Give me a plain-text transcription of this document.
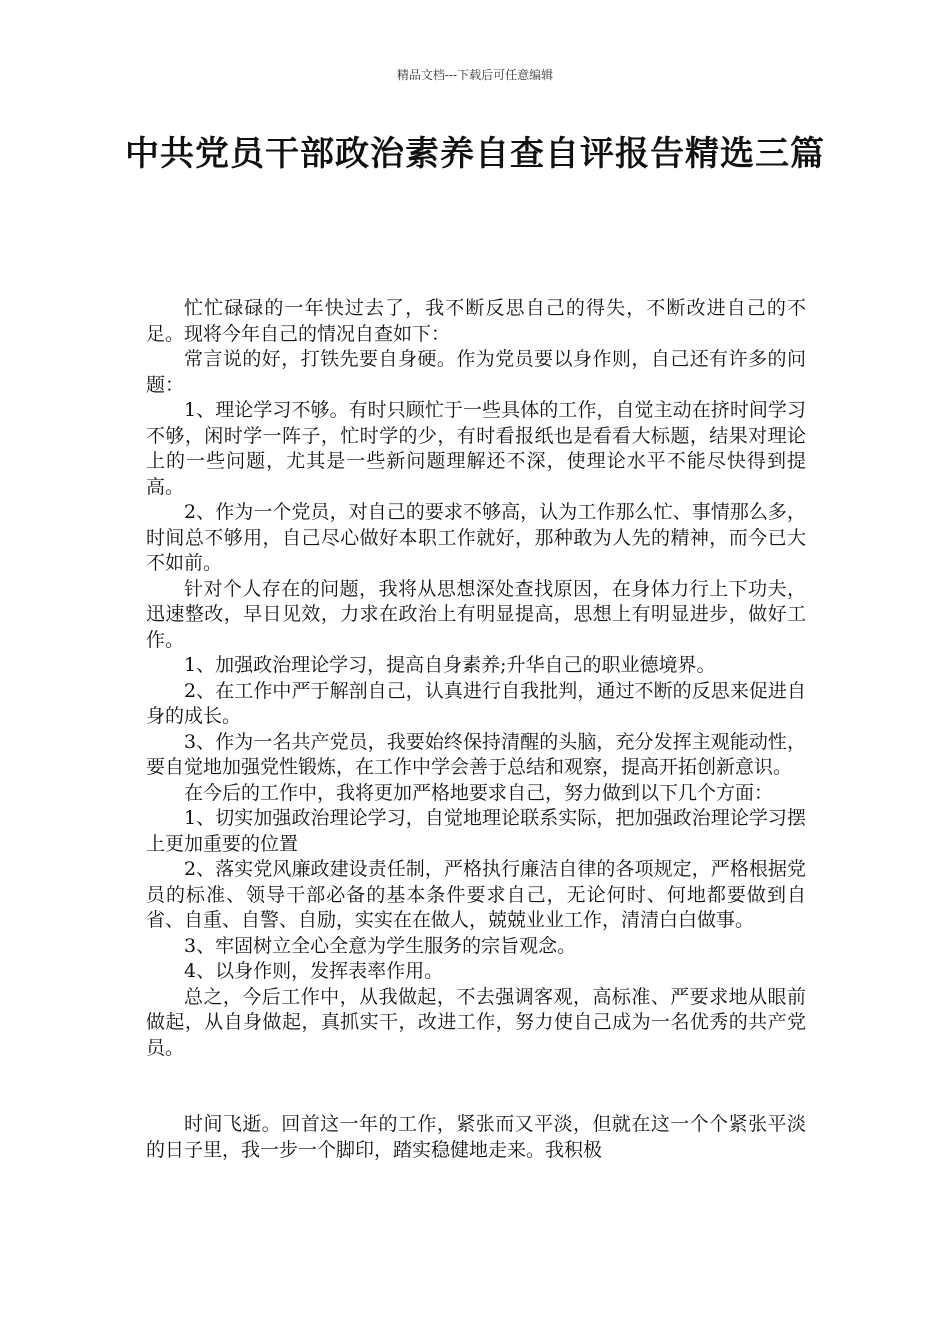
精品文档---下载后可任意编辑
中共党员干部政治素养自查自评报告精选三篇

忙忙碌碌的一年快过去了，我不断反思自己的得失，不断改进自己的不足。现将今年自己的情况自查如下：

常言说的好，打铁先要自身硬。作为党员要以身作则，自己还有许多的问题：

1、理论学习不够。有时只顾忙于一些具体的工作，自觉主动在挤时间学习不够，闲时学一阵子，忙时学的少，有时看报纸也是看看大标题，结果对理论上的一些问题，尤其是一些新问题理解还不深，使理论水平不能尽快得到提高。

2、作为一个党员，对自己的要求不够高，认为工作那么忙、事情那么多，时间总不够用，自己尽心做好本职工作就好，那种敢为人先的精神，而今已大不如前。

针对个人存在的问题，我将从思想深处查找原因，在身体力行上下功夫，迅速整改，早日见效，力求在政治上有明显提高，思想上有明显进步，做好工作。

1、加强政治理论学习，提高自身素养;升华自己的职业德境界。

2、在工作中严于解剖自己，认真进行自我批判，通过不断的反思来促进自身的成长。

3、作为一名共产党员，我要始终保持清醒的头脑，充分发挥主观能动性，要自觉地加强党性锻炼，在工作中学会善于总结和观察，提高开拓创新意识。

在今后的工作中，我将更加严格地要求自己，努力做到以下几个方面：

1、切实加强政治理论学习，自觉地理论联系实际，把加强政治理论学习摆上更加重要的位置

2、落实党风廉政建设责任制，严格执行廉洁自律的各项规定，严格根据党员的标准、领导干部必备的基本条件要求自己，无论何时、何地都要做到自省、自重、自警、自励，实实在在做人，兢兢业业工作，清清白白做事。

3、牢固树立全心全意为学生服务的宗旨观念。

4、以身作则，发挥表率作用。

总之，今后工作中，从我做起，不去强调客观，高标准、严要求地从眼前做起，从自身做起，真抓实干，改进工作，努力使自己成为一名优秀的共产党员。

时间飞逝。回首这一年的工作，紧张而又平淡，但就在这一个个紧张平淡的日子里，我一步一个脚印，踏实稳健地走来。我积极
